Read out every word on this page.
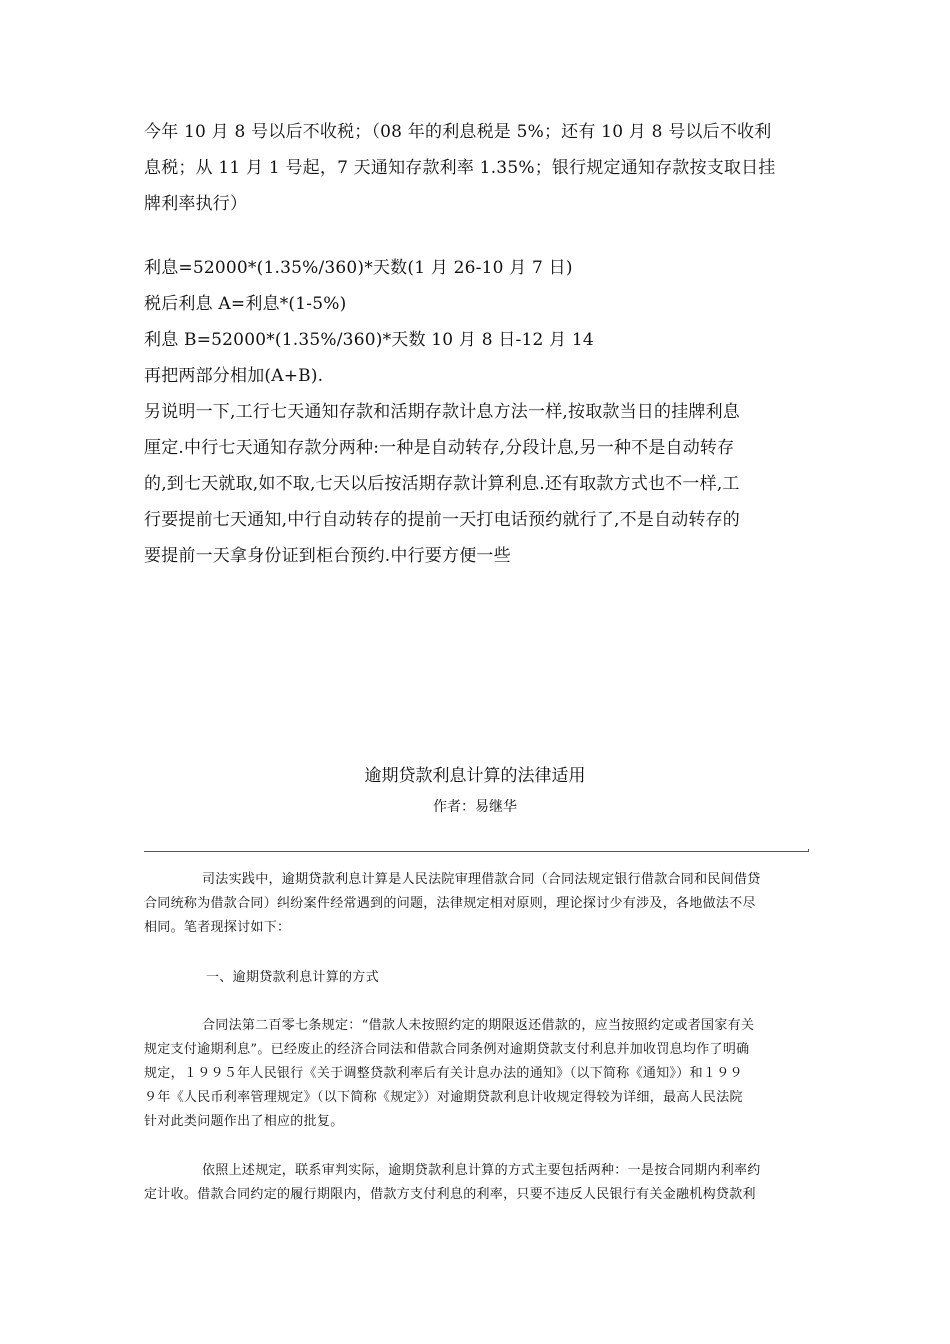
今年 10 月 8 号以后不收税；（08 年的利息税是 5%；还有 10 月 8 号以后不收利
息税；从 11 月 1 号起，7 天通知存款利率 1.35%；银行规定通知存款按支取日挂
牌利率执行）

利息=52000*(1.35%/360)*天数(1 月 26-10 月 7 日)
税后利息 A=利息*(1-5%)
利息 B=52000*(1.35%/360)*天数 10 月 8 日-12 月 14
再把两部分相加(A+B).
另说明一下,工行七天通知存款和活期存款计息方法一样,按取款当日的挂牌利息
厘定.中行七天通知存款分两种:一种是自动转存,分段计息,另一种不是自动转存
的,到七天就取,如不取,七天以后按活期存款计算利息.还有取款方式也不一样,工
行要提前七天通知,中行自动转存的提前一天打电话预约就行了,不是自动转存的
要提前一天拿身份证到柜台预约.中行要方便一些

逾期贷款利息计算的法律适用
作者：易继华

司法实践中，逾期贷款利息计算是人民法院审理借款合同（合同法规定银行借款合同和民间借贷
合同统称为借款合同）纠纷案件经常遇到的问题，法律规定相对原则，理论探讨少有涉及，各地做法不尽
相同。笔者现探讨如下：

一、逾期贷款利息计算的方式

合同法第二百零七条规定：“借款人未按照约定的期限返还借款的，应当按照约定或者国家有关
规定支付逾期利息”。已经废止的经济合同法和借款合同条例对逾期贷款支付利息并加收罚息均作了明确
规定，１９９５年人民银行《关于调整贷款利率后有关计息办法的通知》（以下简称《通知》）和１９９
９年《人民币利率管理规定》（以下简称《规定》）对逾期贷款利息计收规定得较为详细，最高人民法院
针对此类问题作出了相应的批复。

依照上述规定，联系审判实际，逾期贷款利息计算的方式主要包括两种：一是按合同期内利率约
定计收。借款合同约定的履行期限内，借款方支付利息的利率，只要不违反人民银行有关金融机构贷款利
